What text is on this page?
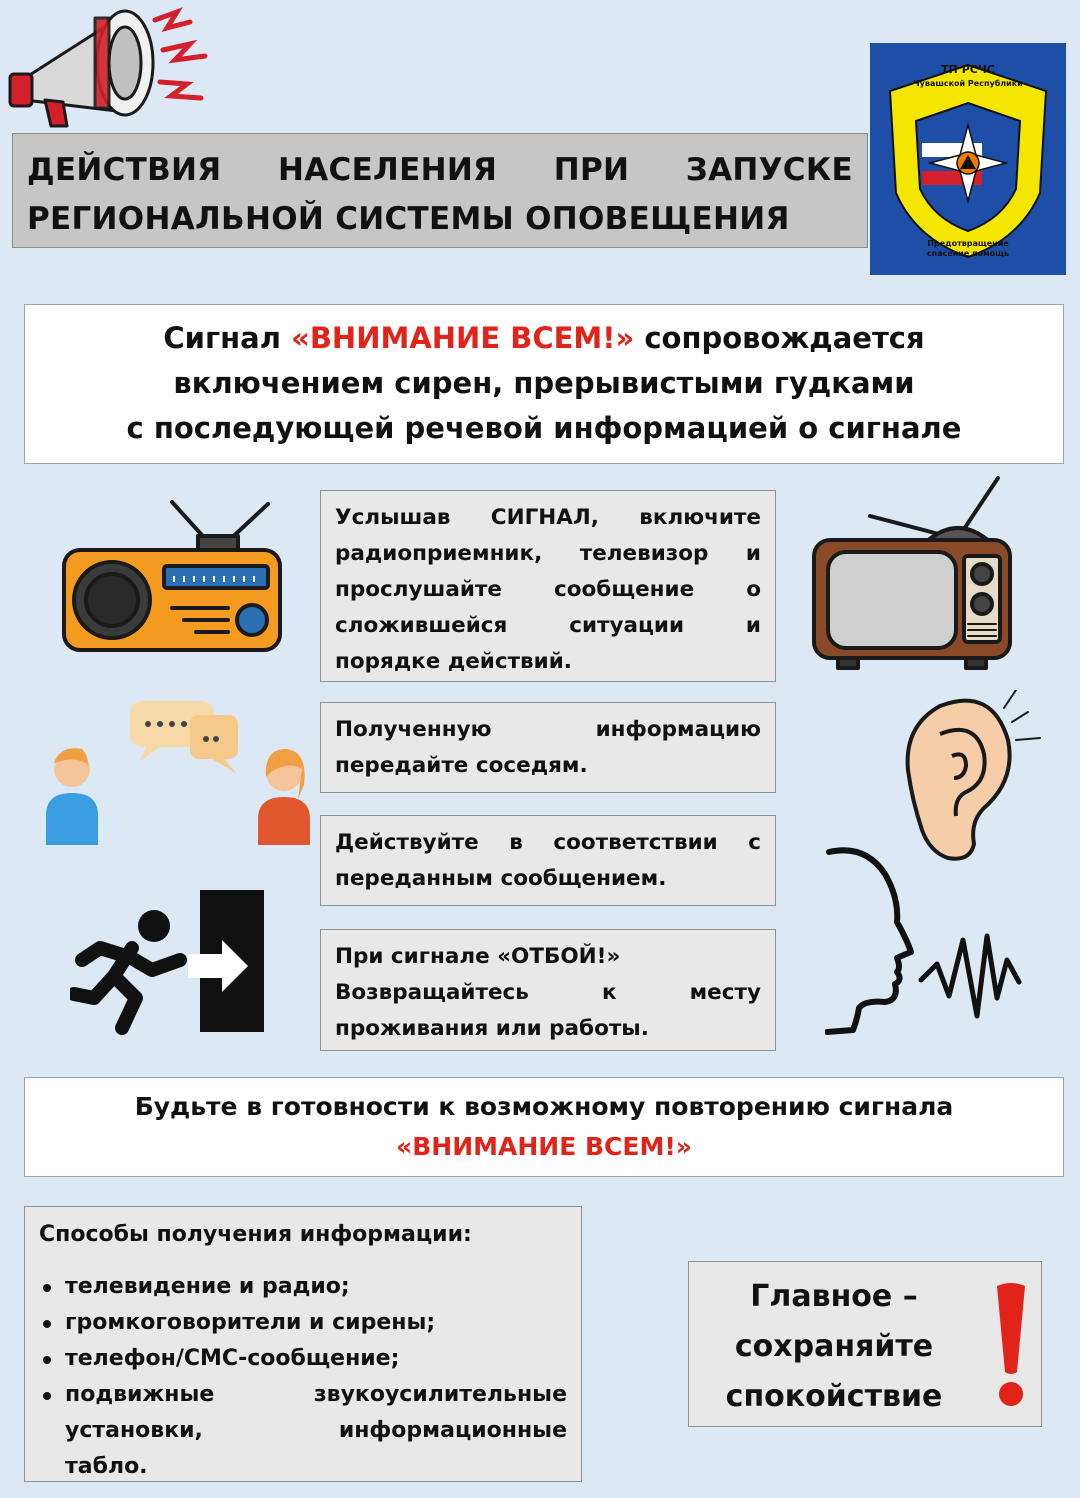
ДЕЙСТВИЯ НАСЕЛЕНИЯ ПРИ ЗАПУСКЕ
РЕГИОНАЛЬНОЙ СИСТЕМЫ ОПОВЕЩЕНИЯ
ТП РСЧС
Чувашской Республики
Предотвращение спасение помощь
Сигнал «ВНИМАНИЕ ВСЕМ!» сопровождается
включением сирен, прерывистыми гудками
с последующей речевой информацией о сигнале
Услышав СИГНАЛ, включите
радиоприемник, телевизор и
прослушайте сообщение о
сложившейся	ситуации	и
порядке действий.
Полученную	информацию
передайте соседям.
Действуйте в соответствии с
переданным сообщением.
При сигнале «ОТБОЙ!»
Возвращайтесь	к	месту
проживания или работы.
Будьте в готовности к возможному повторению сигнала
«ВНИМАНИЕ ВСЕМ!»
Способы получения информации:
телевидение и радио;
громкоговорители и сирены;
телефон/СМС-сообщение;
подвижные	звукоусилительные
установки,	информационные
табло.
Главное –
сохраняйте
спокойствие
